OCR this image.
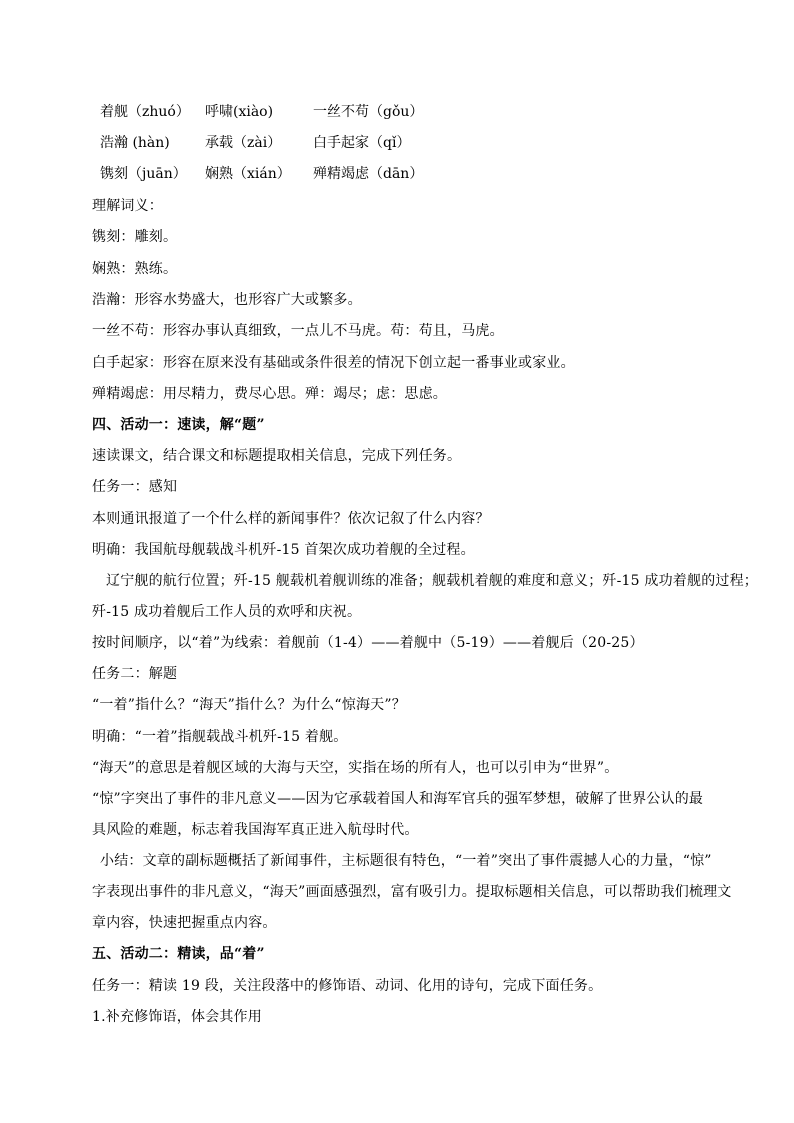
着舰（zhuó） 呼啸(xiào)	一丝不苟（gǒu）
浩瀚 (hàn)	承载（zài） 白手起家（qǐ）
镌刻（juān） 娴熟（xián） 殚精竭虑（dān）
理解词义：
镌刻：雕刻。
娴熟：熟练。
浩瀚：形容水势盛大，也形容广大或繁多。
一丝不苟：形容办事认真细致，一点儿不马虎。苟：苟且，马虎。
白手起家：形容在原来没有基础或条件很差的情况下创立起一番事业或家业。
殚精竭虑：用尽精力，费尽心思。殚：竭尽；虑：思虑。
四、活动一：速读，解“题”
速读课文，结合课文和标题提取相关信息，完成下列任务。
任务一：感知
本则通讯报道了一个什么样的新闻事件？依次记叙了什么内容？
明确：我国航母舰载战斗机歼-15 首架次成功着舰的全过程。
辽宁舰的航行位置；歼-15 舰载机着舰训练的准备；舰载机着舰的难度和意义；歼-15 成功着舰的过程；
歼-15 成功着舰后工作人员的欢呼和庆祝。
按时间顺序，以“着”为线索：着舰前（1-4）——着舰中（5-19）——着舰后（20-25）
任务二：解题
“一着”指什么？“海天”指什么？为什么“惊海天”？
明确：“一着”指舰载战斗机歼-15 着舰。
“海天”的意思是着舰区域的大海与天空，实指在场的所有人，也可以引申为“世界”。
“惊”字突出了事件的非凡意义——因为它承载着国人和海军官兵的强军梦想，破解了世界公认的最
具风险的难题，标志着我国海军真正进入航母时代。
小结：文章的副标题概括了新闻事件，主标题很有特色，“一着”突出了事件震撼人心的力量，“惊”
字表现出事件的非凡意义，“海天”画面感强烈，富有吸引力。提取标题相关信息，可以帮助我们梳理文
章内容，快速把握重点内容。
五、活动二：精读，品“着”
任务一：精读 19 段，关注段落中的修饰语、动词、化用的诗句，完成下面任务。
1.补充修饰语，体会其作用
